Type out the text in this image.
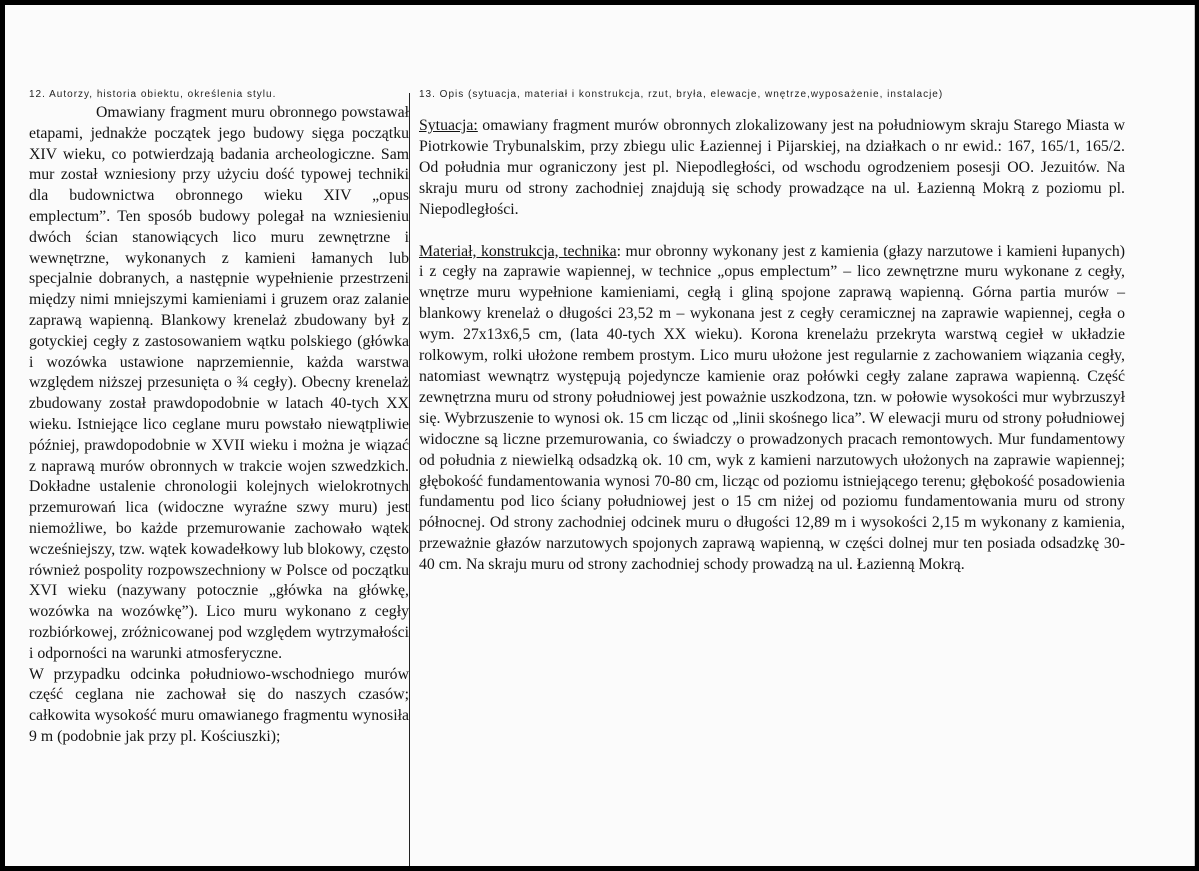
12. Autorzy, historia obiektu, określenia stylu.

Omawiany fragment muru obronnego powstawał etapami, jednakże początek jego budowy sięga początku XIV wieku, co potwierdzają badania archeologiczne. Sam mur został wzniesiony przy użyciu dość typowej techniki dla budownictwa obronnego wieku XIV „opus emplectum”. Ten sposób budowy polegał na wzniesieniu dwóch ścian stanowiących lico muru zewnętrzne i wewnętrzne, wykonanych z kamieni łamanych lub specjalnie dobranych, a następnie wypełnienie przestrzeni między nimi mniejszymi kamieniami i gruzem oraz zalanie zaprawą wapienną. Blankowy krenelaż zbudowany był z gotyckiej cegły z zastosowaniem wątku polskiego (główka i wozówka ustawione naprzemiennie, każda warstwa względem niższej przesunięta o ¾ cegły). Obecny krenelaż zbudowany został prawdopodobnie w latach 40-tych XX wieku. Istniejące lico ceglane muru powstało niewątpliwie później, prawdopodobnie w XVII wieku i można je wiązać z naprawą murów obronnych w trakcie wojen szwedzkich. Dokładne ustalenie chronologii kolejnych wielokrotnych przemurowań lica (widoczne wyraźne szwy muru) jest niemożliwe, bo każde przemurowanie zachowało wątek wcześniejszy, tzw. wątek kowadełkowy lub blokowy, często również pospolity rozpowszechniony w Polsce od początku XVI wieku (nazywany potocznie „główka na główkę, wozówka na wozówkę”). Lico muru wykonano z cegły rozbiórkowej, zróżnicowanej pod względem wytrzymałości i odporności na warunki atmosferyczne.

W przypadku odcinka południowo-wschodniego murów część ceglana nie zachował się do naszych czasów; całkowita wysokość muru omawianego fragmentu wynosiła 9 m (podobnie jak przy pl. Kościuszki);

13. Opis (sytuacja, materiał i konstrukcja, rzut, bryła, elewacje, wnętrze,wyposażenie, instalacje)

Sytuacja: omawiany fragment murów obronnych zlokalizowany jest na południowym skraju Starego Miasta w Piotrkowie Trybunalskim, przy zbiegu ulic Łaziennej i Pijarskiej, na działkach o nr ewid.: 167, 165/1, 165/2. Od południa mur ograniczony jest pl. Niepodległości, od wschodu ogrodzeniem posesji OO. Jezuitów. Na skraju muru od strony zachodniej znajdują się schody prowadzące na ul. Łazienną Mokrą z poziomu pl. Niepodległości.

Materiał, konstrukcja, technika: mur obronny wykonany jest z kamienia (głazy narzutowe i kamieni łupanych) i z cegły na zaprawie wapiennej, w technice „opus emplectum” – lico zewnętrzne muru wykonane z cegły, wnętrze muru wypełnione kamieniami, cegłą i gliną spojone zaprawą wapienną. Górna partia murów – blankowy krenelaż o długości 23,52 m – wykonana jest z cegły ceramicznej na zaprawie wapiennej, cegła o wym. 27x13x6,5 cm, (lata 40-tych XX wieku). Korona krenelażu przekryta warstwą cegieł w układzie rolkowym, rolki ułożone rembem prostym. Lico muru ułożone jest regularnie z zachowaniem wiązania cegły, natomiast wewnątrz występują pojedyncze kamienie oraz połówki cegły zalane zaprawa wapienną. Część zewnętrzna muru od strony południowej jest poważnie uszkodzona, tzn. w połowie wysokości mur wybrzuszył się. Wybrzuszenie to wynosi ok. 15 cm licząc od „linii skośnego lica”. W elewacji muru od strony południowej widoczne są liczne przemurowania, co świadczy o prowadzonych pracach remontowych. Mur fundamentowy od południa z niewielką odsadzką ok. 10 cm, wyk z kamieni narzutowych ułożonych na zaprawie wapiennej; głębokość fundamentowania wynosi 70-80 cm, licząc od poziomu istniejącego terenu; głębokość posadowienia fundamentu pod lico ściany południowej jest o 15 cm niżej od poziomu fundamentowania muru od strony północnej. Od strony zachodniej odcinek muru o długości 12,89 m i wysokości 2,15 m wykonany z kamienia, przeważnie głazów narzutowych spojonych zaprawą wapienną, w części dolnej mur ten posiada odsadzkę 30-40 cm. Na skraju muru od strony zachodniej schody prowadzą na ul. Łazienną Mokrą.
